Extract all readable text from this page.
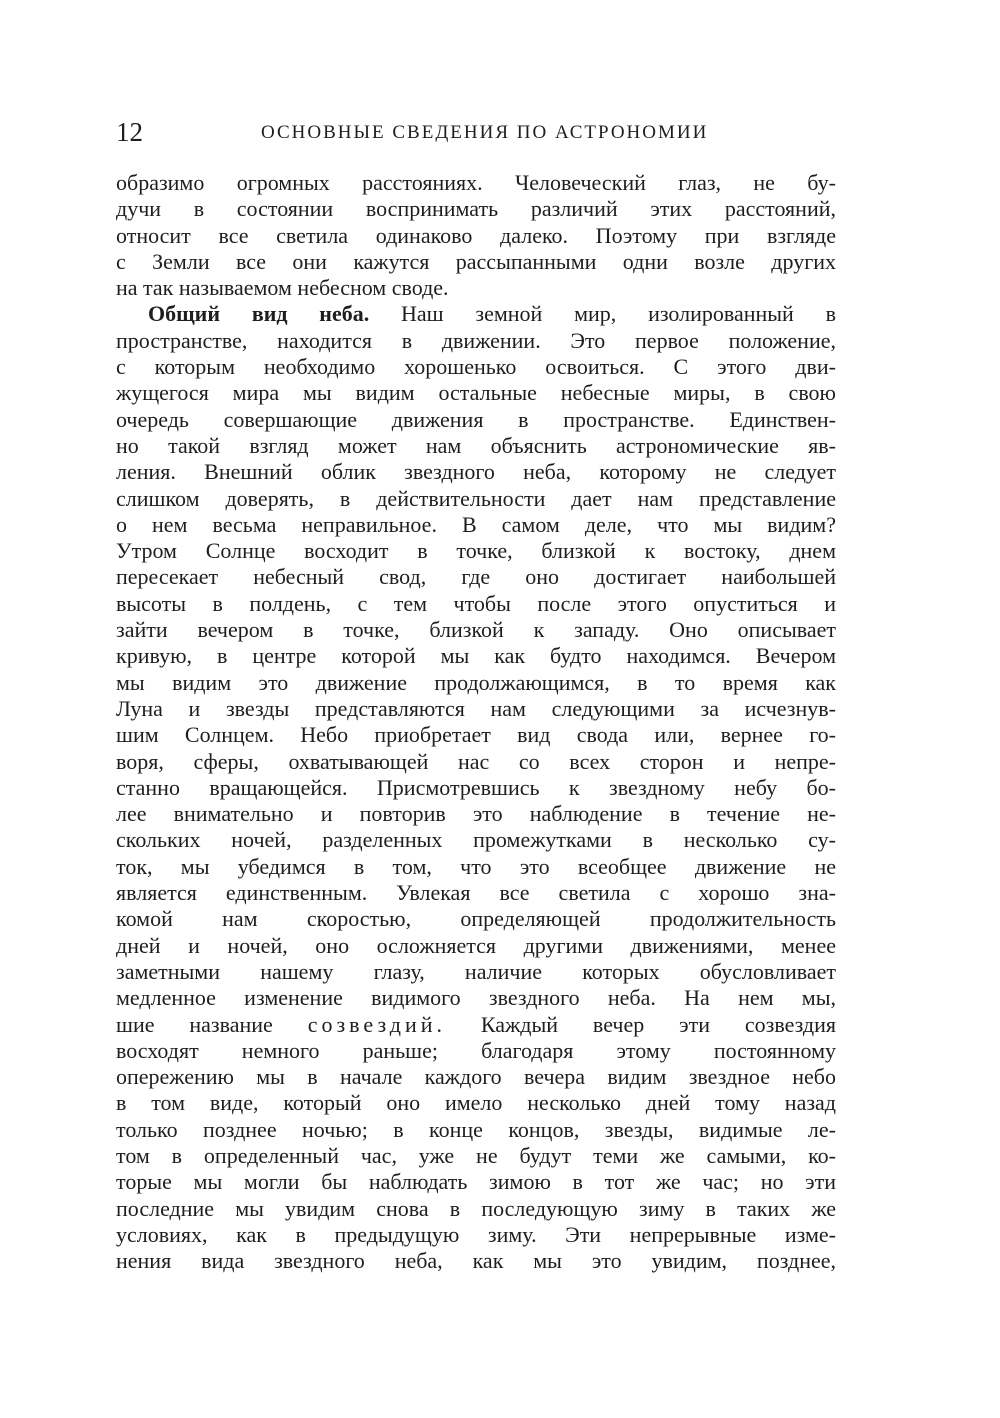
12	ОСНОВНЫЕ СВЕДЕНИЯ ПО АСТРОНОМИИ
образимо огромных расстояниях. Человеческий глаз, не бу-
дучи в состоянии воспринимать различий этих расстояний,
относит все светила одинаково далеко. Поэтому при взгляде
с Земли все они кажутся рассыпанными одни возле других
на так называемом небесном своде.
Общий вид неба. Наш земной мир, изолированный в
пространстве, находится в движении. Это первое положение,
с которым необходимо хорошенько освоиться. С этого дви-
жущегося мира мы видим остальные небесные миры, в свою
очередь совершающие движения в пространстве. Единствен-
но такой взгляд может нам объяснить астрономические яв-
ления. Внешний облик звездного неба, которому не следует
слишком доверять, в действительности дает нам представление
о нем весьма неправильное. В самом деле, что мы видим?
Утром Солнце восходит в точке, близкой к востоку, днем
пересекает небесный свод, где оно достигает наибольшей
высоты в полдень, с тем чтобы после этого опуститься и
зайти вечером в точке, близкой к западу. Оно описывает
кривую, в центре которой мы как будто находимся. Вечером
мы видим это движение продолжающимся, в то время как
Луна и звезды представляются нам следующими за исчезнув-
шим Солнцем. Небо приобретает вид свода или, вернее го-
воря, сферы, охватывающей нас со всех сторон и непре-
станно вращающейся. Присмотревшись к звездному небу бо-
лее внимательно и повторив это наблюдение в течение не-
скольких ночей, разделенных промежутками в несколько су-
ток, мы убедимся в том, что это всеобщее движение не
является единственным. Увлекая все светила с хорошо зна-
комой нам скоростью, определяющей продолжительность
дней и ночей, оно осложняется другими движениями, менее
заметными нашему глазу, наличие которых обусловливает
медленное изменение видимого звездного неба. На нем мы,
шие название созвездий. Каждый вечер эти созвездия
восходят немного раньше; благодаря этому постоянному
опережению мы в начале каждого вечера видим звездное небо
в том виде, который оно имело несколько дней тому назад
только позднее ночью; в конце концов, звезды, видимые ле-
том в определенный час, уже не будут теми же самыми, ко-
торые мы могли бы наблюдать зимою в тот же час; но эти
последние мы увидим снова в последующую зиму в таких же
условиях, как в предыдущую зиму. Эти непрерывные изме-
нения вида звездного неба, как мы это увидим, позднее,
